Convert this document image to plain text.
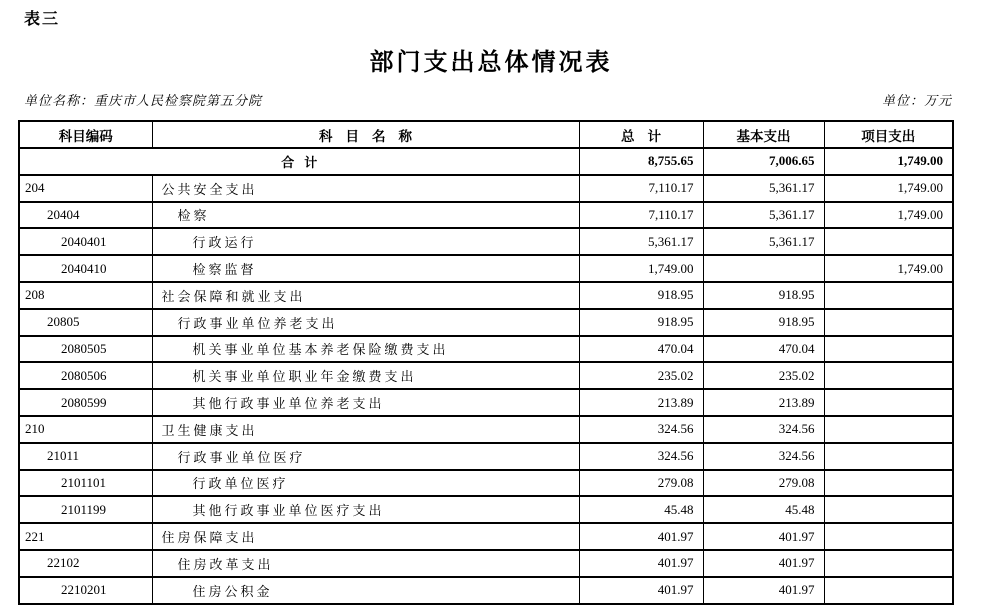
表三
部门支出总体情况表
单位名称：重庆市人民检察院第五分院	单位：万元
科目编码	科目名称	总计	基本支出	项目支出
合计		8,755.65	7,006.65	1,749.00
204	公共安全支出	7,110.17	5,361.17	1,749.00
20404	检察	7,110.17	5,361.17	1,749.00
2040401	行政运行	5,361.17	5,361.17	
2040410	检察监督	1,749.00		1,749.00
208	社会保障和就业支出	918.95	918.95	
20805	行政事业单位养老支出	918.95	918.95	
2080505	机关事业单位基本养老保险缴费支出	470.04	470.04	
2080506	机关事业单位职业年金缴费支出	235.02	235.02	
2080599	其他行政事业单位养老支出	213.89	213.89	
210	卫生健康支出	324.56	324.56	
21011	行政事业单位医疗	324.56	324.56	
2101101	行政单位医疗	279.08	279.08	
2101199	其他行政事业单位医疗支出	45.48	45.48	
221	住房保障支出	401.97	401.97	
22102	住房改革支出	401.97	401.97	
2210201	住房公积金	401.97	401.97	
